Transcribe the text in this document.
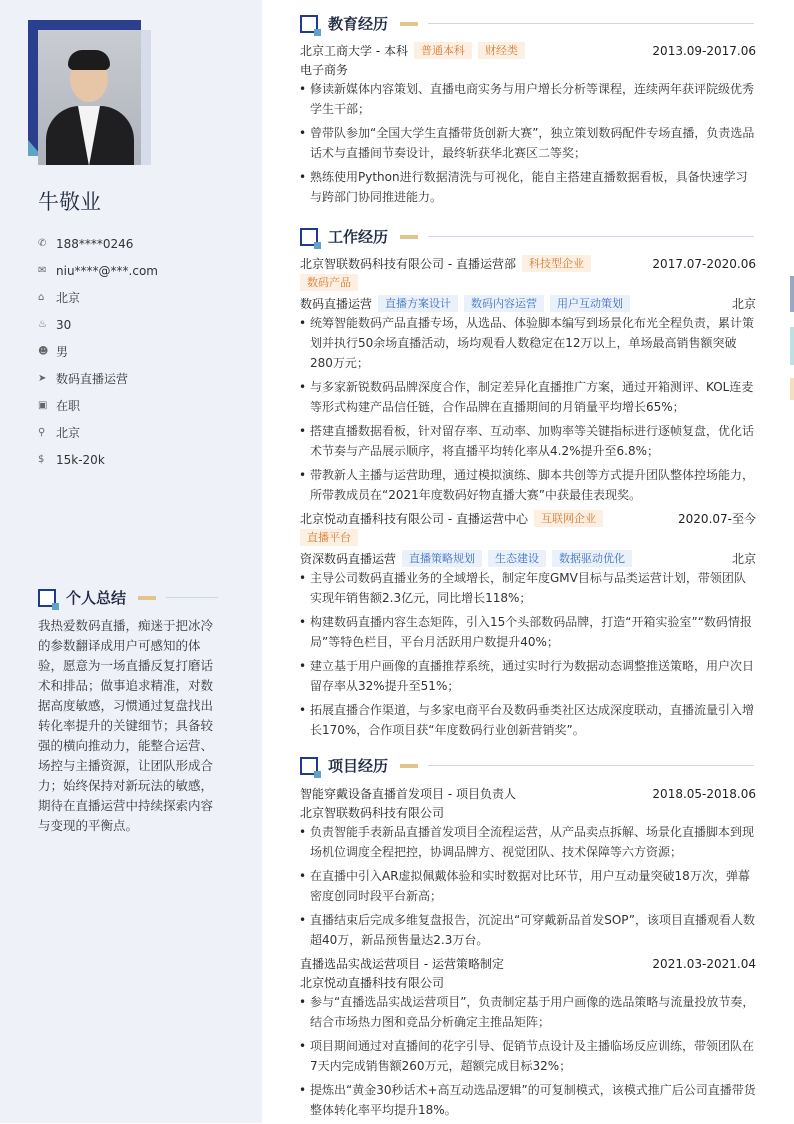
牛敬业
✆ 188****0246
✉ niu****@***.com
⌂ 北京
♨ 30
☻ 男
➤ 数码直播运营
▣ 在职
⚲ 北京
$ 15k-20k
个人总结
我热爱数码直播，痴迷于把冰冷的参数翻译成用户可感知的体验，愿意为一场直播反复打磨话术和排品；做事追求精准，对数据高度敏感，习惯通过复盘找出转化率提升的关键细节；具备较强的横向推动力，能整合运营、场控与主播资源，让团队形成合力；始终保持对新玩法的敏感，期待在直播运营中持续探索内容与变现的平衡点。
教育经历
北京工商大学 - 本科	普通本科	财经类	2013.09-2017.06
电子商务
• 修读新媒体内容策划、直播电商实务与用户增长分析等课程，连续两年获评院级优秀学生干部；
• 曾带队参加“全国大学生直播带货创新大赛”，独立策划数码配件专场直播，负责选品话术与直播间节奏设计，最终斩获华北赛区二等奖；
• 熟练使用Python进行数据清洗与可视化，能自主搭建直播数据看板，具备快速学习与跨部门协同推进能力。
工作经历
北京智联数码科技有限公司 - 直播运营部	科技型企业	2017.07-2020.06
数码产品
数码直播运营	直播方案设计	数码内容运营	用户互动策划	北京
• 统筹智能数码产品直播专场，从选品、体验脚本编写到场景化布光全程负责，累计策划并执行50余场直播活动，场均观看人数稳定在12万以上，单场最高销售额突破280万元；
• 与多家新锐数码品牌深度合作，制定差异化直播推广方案，通过开箱测评、KOL连麦等形式构建产品信任链，合作品牌在直播期间的月销量平均增长65%；
• 搭建直播数据看板，针对留存率、互动率、加购率等关键指标进行逐帧复盘，优化话术节奏与产品展示顺序，将直播平均转化率从4.2%提升至6.8%；
• 带教新人主播与运营助理，通过模拟演练、脚本共创等方式提升团队整体控场能力，所带教成员在“2021年度数码好物直播大赛”中获最佳表现奖。
北京悦动直播科技有限公司 - 直播运营中心	互联网企业	2020.07-至今
直播平台
资深数码直播运营	直播策略规划	生态建设	数据驱动优化	北京
• 主导公司数码直播业务的全域增长，制定年度GMV目标与品类运营计划，带领团队实现年销售额2.3亿元，同比增长118%；
• 构建数码直播内容生态矩阵，引入15个头部数码品牌，打造“开箱实验室”“数码情报局”等特色栏目，平台月活跃用户数提升40%；
• 建立基于用户画像的直播推荐系统，通过实时行为数据动态调整推送策略，用户次日留存率从32%提升至51%；
• 拓展直播合作渠道，与多家电商平台及数码垂类社区达成深度联动，直播流量引入增长170%，合作项目获“年度数码行业创新营销奖”。
项目经历
智能穿戴设备直播首发项目 - 项目负责人	2018.05-2018.06
北京智联数码科技有限公司
• 负责智能手表新品直播首发项目全流程运营，从产品卖点拆解、场景化直播脚本到现场机位调度全程把控，协调品牌方、视觉团队、技术保障等六方资源；
• 在直播中引入AR虚拟佩戴体验和实时数据对比环节，用户互动量突破18万次，弹幕密度创同时段平台新高；
• 直播结束后完成多维复盘报告，沉淀出“可穿戴新品首发SOP”，该项目直播观看人数超40万，新品预售量达2.3万台。
直播选品实战运营项目 - 运营策略制定	2021.03-2021.04
北京悦动直播科技有限公司
• 参与“直播选品实战运营项目”，负责制定基于用户画像的选品策略与流量投放节奏，结合市场热力图和竞品分析确定主推品矩阵；
• 项目期间通过对直播间的花字引导、促销节点设计及主播临场反应训练，带领团队在7天内完成销售额260万元，超额完成目标32%；
• 提炼出“黄金30秒话术+高互动选品逻辑”的可复制模式，该模式推广后公司直播带货整体转化率平均提升18%。
